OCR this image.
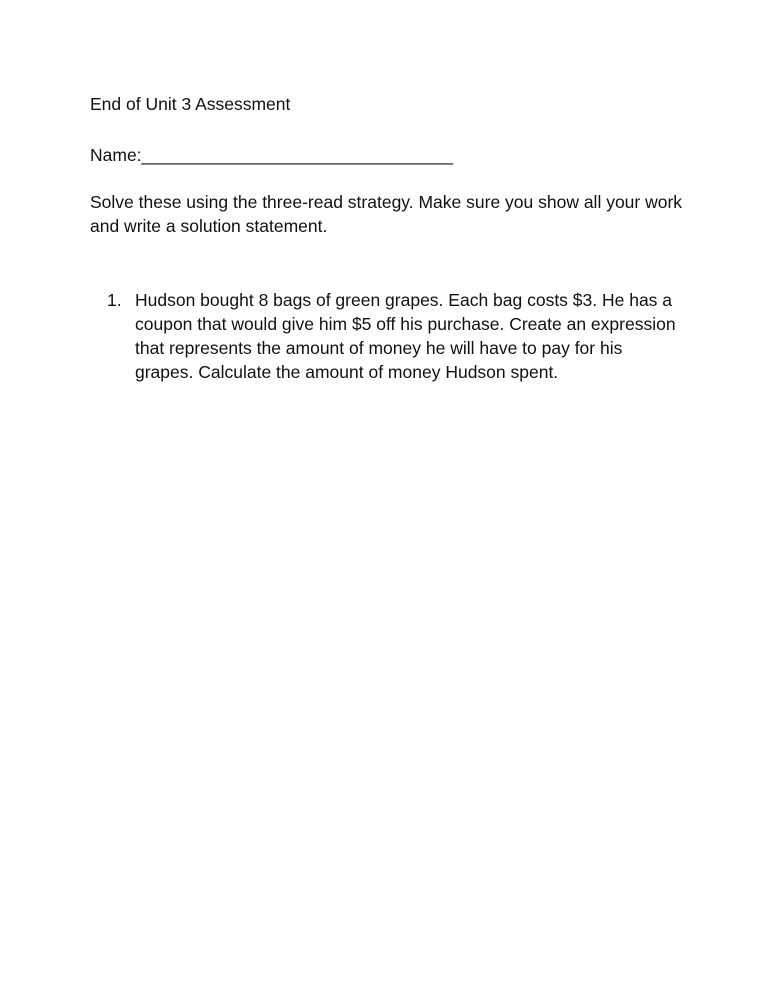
End of Unit 3 Assessment
Name:________________________________
Solve these using the three-read strategy. Make sure you show all your work and write a solution statement.
1. Hudson bought 8 bags of green grapes. Each bag costs $3. He has a coupon that would give him $5 off his purchase. Create an expression that represents the amount of money he will have to pay for his grapes. Calculate the amount of money Hudson spent.
